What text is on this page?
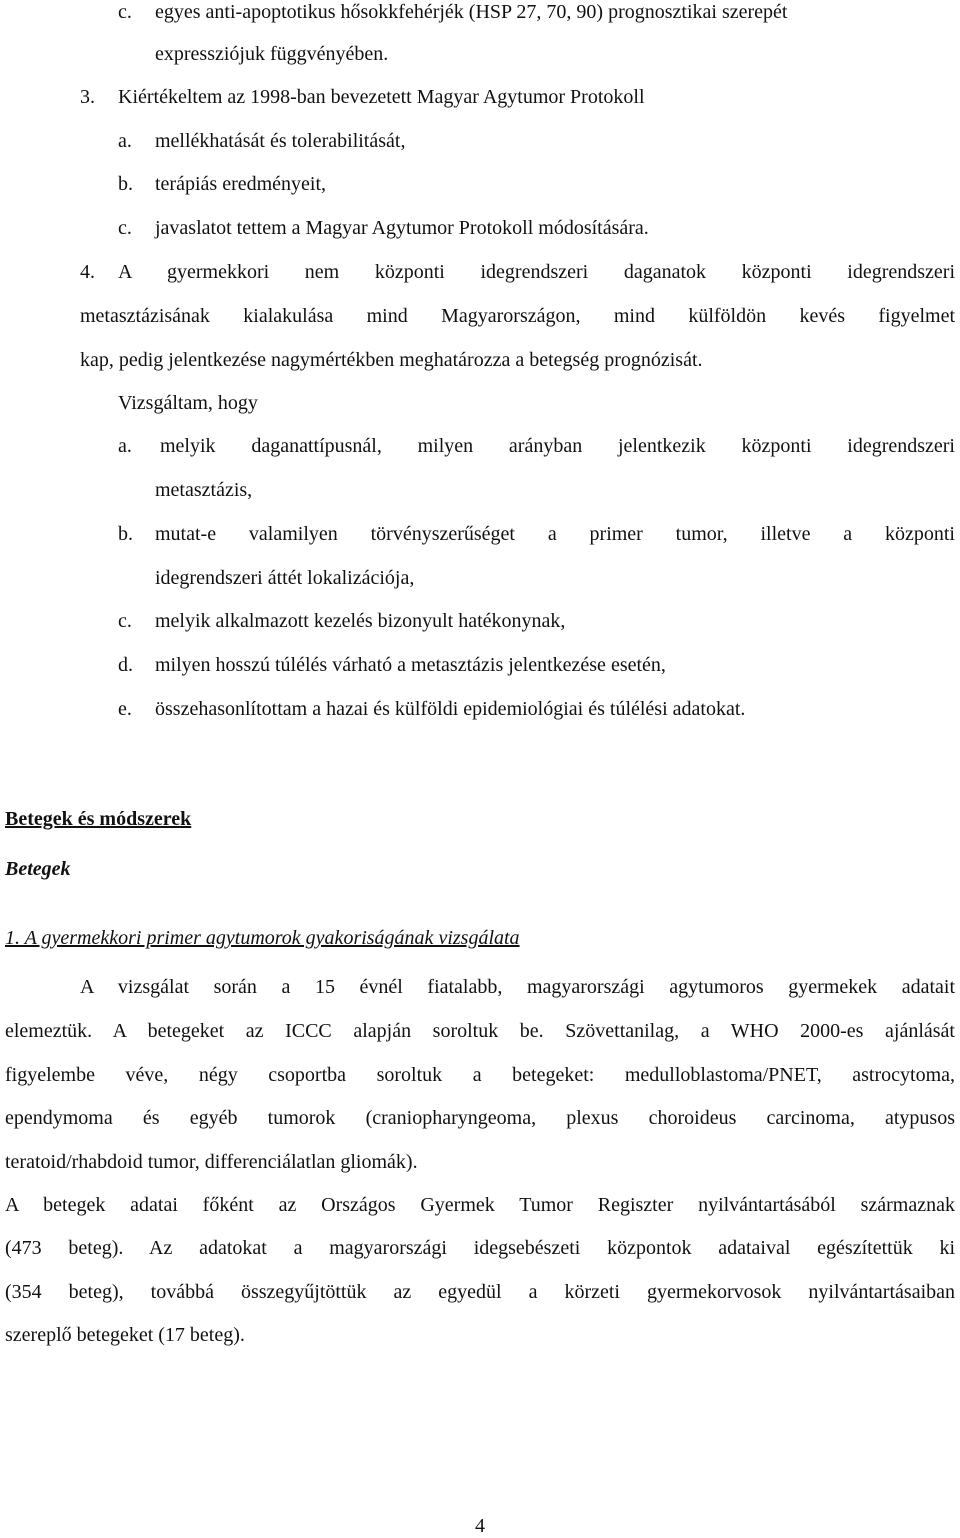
c. egyes anti-apoptotikus hősokkfehérjék (HSP 27, 70, 90) prognosztikai szerepét
expressziójuk függvényében.
3. Kiértékeltem az 1998-ban bevezetett Magyar Agytumor Protokoll
a. mellékhatását és tolerabilitását,
b. terápiás eredményeit,
c. javaslatot tettem a Magyar Agytumor Protokoll módosítására.
4. A gyermekkori nem központi idegrendszeri daganatok központi idegrendszeri
metasztázisának kialakulása mind Magyarországon, mind külföldön kevés figyelmet
kap, pedig jelentkezése nagymértékben meghatározza a betegség prognózisát.
Vizsgáltam, hogy
a. melyik daganattípusnál, milyen arányban jelentkezik központi idegrendszeri
metasztázis,
b. mutat-e valamilyen törvényszerűséget a primer tumor, illetve a központi
idegrendszeri áttét lokalizációja,
c. melyik alkalmazott kezelés bizonyult hatékonynak,
d. milyen hosszú túlélés várható a metasztázis jelentkezése esetén,
e. összehasonlítottam a hazai és külföldi epidemiológiai és túlélési adatokat.
Betegek és módszerek
Betegek
1. A gyermekkori primer agytumorok gyakoriságának vizsgálata
A vizsgálat során a 15 évnél fiatalabb, magyarországi agytumoros gyermekek adatait
elemeztük. A betegeket az ICCC alapján soroltuk be. Szövettanilag, a WHO 2000-es ajánlását
figyelembe véve, négy csoportba soroltuk a betegeket: medulloblastoma/PNET, astrocytoma,
ependymoma és egyéb tumorok (craniopharyngeoma, plexus choroideus carcinoma, atypusos
teratoid/rhabdoid tumor, differenciálatlan gliomák).
A betegek adatai főként az Országos Gyermek Tumor Regiszter nyilvántartásából származnak
(473 beteg). Az adatokat a magyarországi idegsebészeti központok adataival egészítettük ki
(354 beteg), továbbá összegyűjtöttük az egyedül a körzeti gyermekorvosok nyilvántartásaiban
szereplő betegeket (17 beteg).
4
